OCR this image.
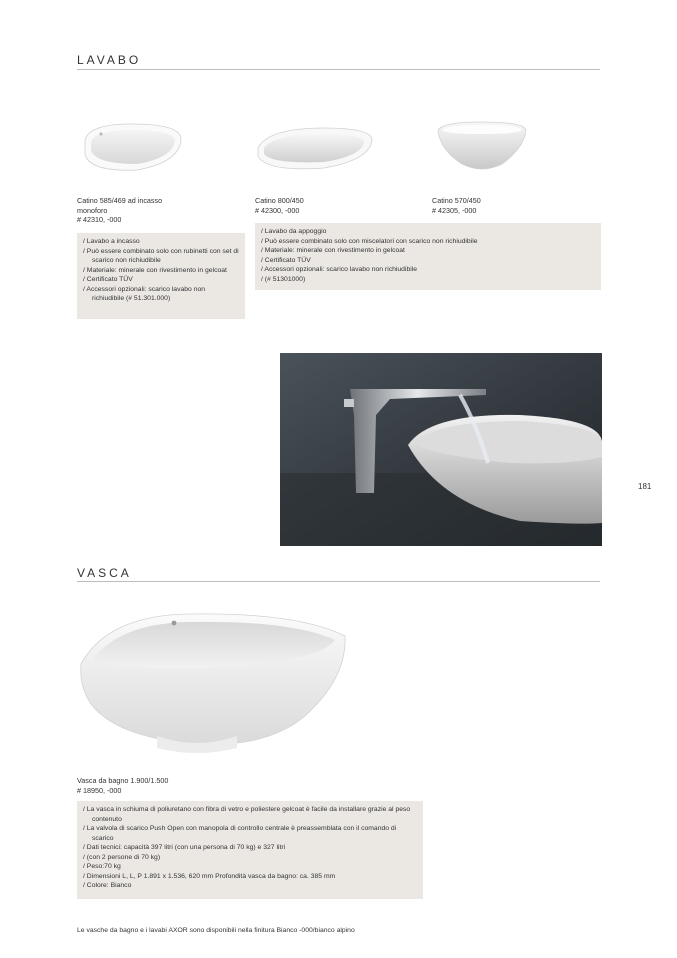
LAVABO
Catino 585/469 ad incasso
monoforo
# 42310, -000
Catino 800/450
# 42300, -000
Catino 570/450
# 42305, -000
/ Lavabo a incasso
/ Può essere combinato solo con rubinetti con set di scarico non richiudibile
/ Materiale: minerale con rivestimento in gelcoat
/ Certificato TÜV
/ Accessori opzionali: scarico lavabo non richiudibile (# 51.301.000)
/ Lavabo da appoggio
/ Può essere combinato solo con miscelatori con scarico non richiudibile
/ Materiale: minerale con rivestimento in gelcoat
/ Certificato TÜV
/ Accessori opzionali: scarico lavabo non richiudibile
/ (# 51301000)
181
VASCA
Vasca da bagno 1.900/1.500
# 18950, -000
/ La vasca in schiuma di poliuretano con fibra di vetro e poliestere gelcoat è facile da installare grazie al peso contenuto
/ La valvola di scarico Push Open con manopola di controllo centrale è preassemblata con il comando di scarico
/ Dati tecnici: capacità 397 litri (con una persona di 70 kg) e 327 litri
/ (con 2 persone di 70 kg)
/ Peso:70 kg
/ Dimensioni L, L, P 1.891 x 1.536, 620 mm Profondità vasca da bagno: ca. 385 mm
/ Colore: Bianco
Le vasche da bagno e i lavabi AXOR sono disponibili nella finitura Bianco -000/bianco alpino
